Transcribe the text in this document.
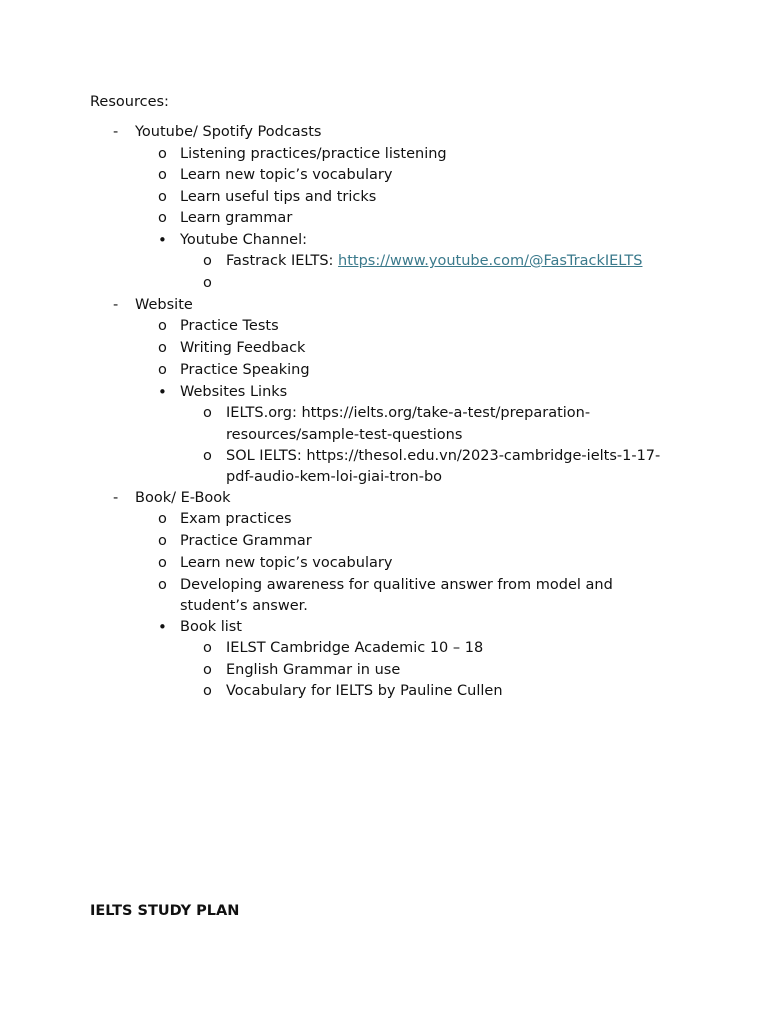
Resources:
- Youtube/ Spotify Podcasts
o Listening practices/practice listening
o Learn new topic’s vocabulary
o Learn useful tips and tricks
o Learn grammar
• Youtube Channel:
o Fastrack IELTS: https://www.youtube.com/@FasTrackIELTS
o
- Website
o Practice Tests
o Writing Feedback
o Practice Speaking
• Websites Links
o IELTS.org: https://ielts.org/take-a-test/preparation-
resources/sample-test-questions
o SOL IELTS: https://thesol.edu.vn/2023-cambridge-ielts-1-17-
pdf-audio-kem-loi-giai-tron-bo
- Book/ E-Book
o Exam practices
o Practice Grammar
o Learn new topic’s vocabulary
o Developing awareness for qualitive answer from model and
student’s answer.
• Book list
o IELST Cambridge Academic 10 – 18
o English Grammar in use
o Vocabulary for IELTS by Pauline Cullen
IELTS STUDY PLAN
